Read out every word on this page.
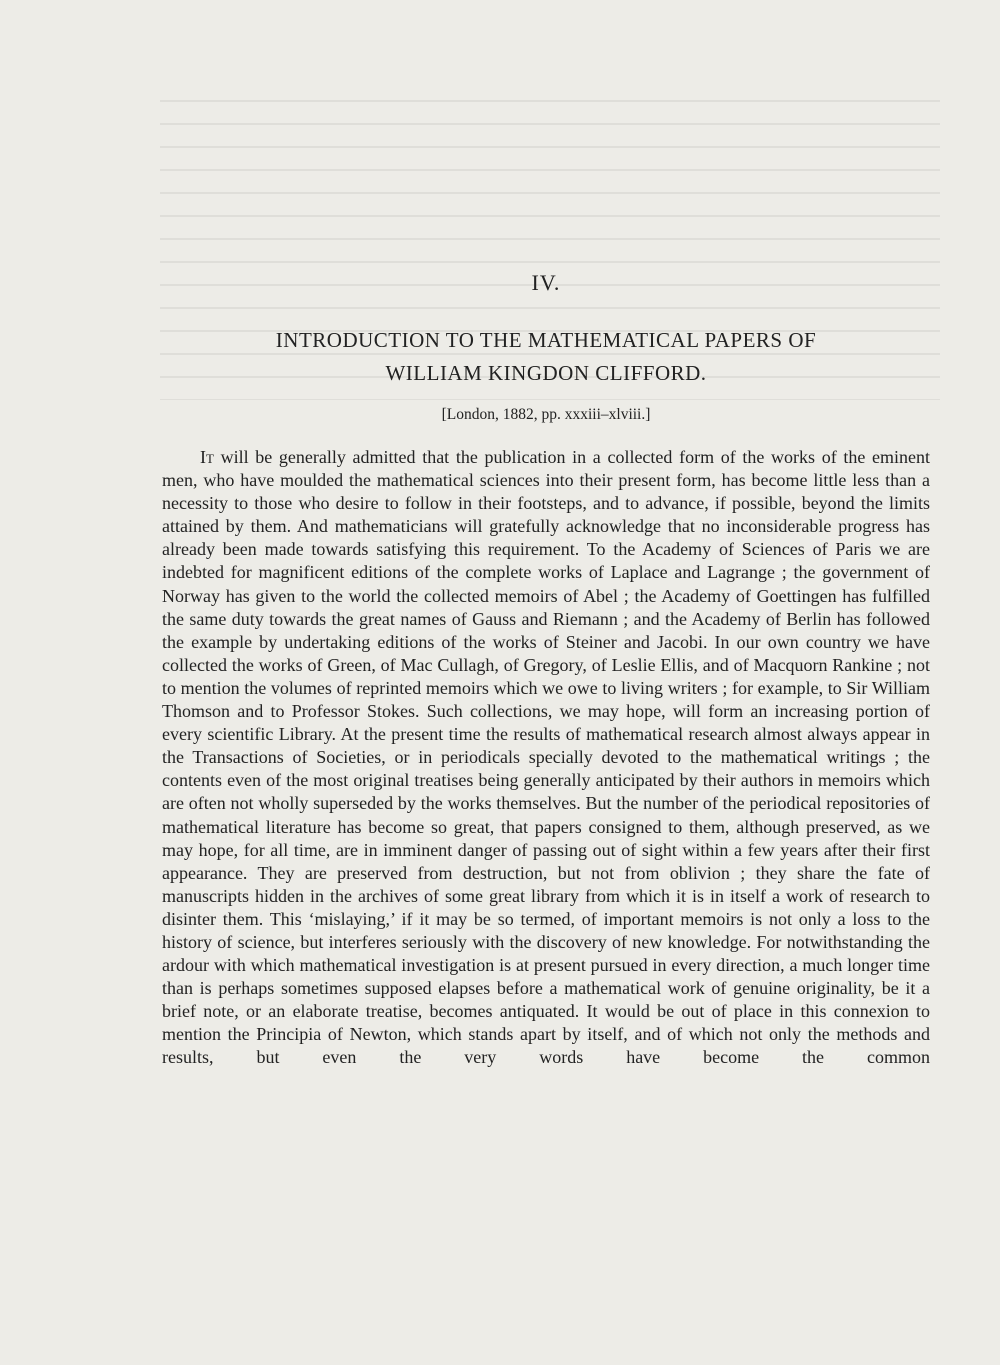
IV.
INTRODUCTION TO THE MATHEMATICAL PAPERS OF
WILLIAM KINGDON CLIFFORD.
[London, 1882, pp. xxxiii–xlviii.]

It will be generally admitted that the publication in a collected form of the works of the eminent men, who have moulded the mathematical sciences into their present form, has become little less than a necessity to those who desire to follow in their footsteps, and to advance, if possible, beyond the limits attained by them. And mathematicians will gratefully acknowledge that no inconsiderable progress has already been made towards satisfying this requirement. To the Academy of Sciences of Paris we are indebted for magnificent editions of the complete works of Laplace and Lagrange ; the government of Norway has given to the world the collected memoirs of Abel ; the Academy of Goettingen has fulfilled the same duty towards the great names of Gauss and Riemann ; and the Academy of Berlin has followed the example by undertaking editions of the works of Steiner and Jacobi. In our own country we have collected the works of Green, of Mac Cullagh, of Gregory, of Leslie Ellis, and of Macquorn Rankine ; not to mention the volumes of reprinted memoirs which we owe to living writers ; for example, to Sir William Thomson and to Professor Stokes. Such collections, we may hope, will form an increasing portion of every scientific Library. At the present time the results of mathematical research almost always appear in the Transactions of Societies, or in periodicals specially devoted to the mathematical writings ; the contents even of the most original treatises being generally anticipated by their authors in memoirs which are often not wholly superseded by the works themselves. But the number of the periodical repositories of mathematical literature has become so great, that papers consigned to them, although preserved, as we may hope, for all time, are in imminent danger of passing out of sight within a few years after their first appearance. They are preserved from destruction, but not from oblivion ; they share the fate of manuscripts hidden in the archives of some great library from which it is in itself a work of research to disinter them. This ‘mislaying,’ if it may be so termed, of important memoirs is not only a loss to the history of science, but interferes seriously with the discovery of new knowledge. For notwithstanding the ardour with which mathematical investigation is at present pursued in every direction, a much longer time than is perhaps sometimes supposed elapses before a mathematical work of genuine originality, be it a brief note, or an elaborate treatise, becomes antiquated. It would be out of place in this connexion to mention the Principia of Newton, which stands apart by itself, and of which not only the methods and results, but even the very words have become the common
